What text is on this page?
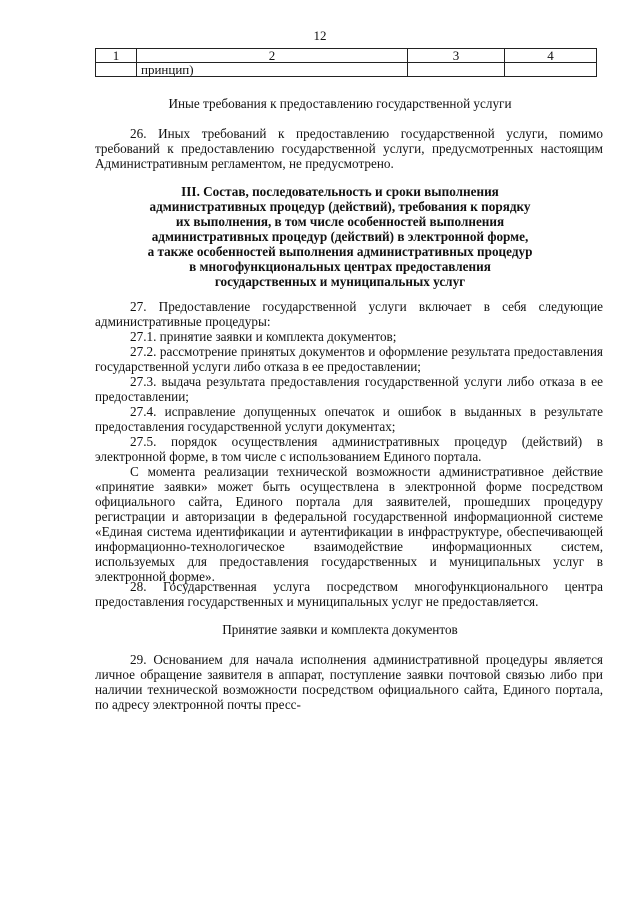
12
1	2	3	4
	принцип)		
Иные требования к предоставлению государственной услуги
26. Иных требований к предоставлению государственной услуги, помимо требований к предоставлению государственной услуги, предусмотренных настоящим Административным регламентом, не предусмотрено.
III. Состав, последовательность и сроки выполнения
административных процедур (действий), требования к порядку
их выполнения, в том числе особенностей выполнения
административных процедур (действий) в электронной форме,
а также особенностей выполнения административных процедур
в многофункциональных центрах предоставления
государственных и муниципальных услуг
27. Предоставление государственной услуги включает в себя следующие административные процедуры:
27.1. принятие заявки и комплекта документов;
27.2. рассмотрение принятых документов и оформление результата предоставления государственной услуги либо отказа в ее предоставлении;
27.3. выдача результата предоставления государственной услуги либо отказа в ее предоставлении;
27.4. исправление допущенных опечаток и ошибок в выданных в результате предоставления государственной услуги документах;
27.5. порядок осуществления административных процедур (действий) в электронной форме, в том числе с использованием Единого портала.
С момента реализации технической возможности административное действие «принятие заявки» может быть осуществлена в электронной форме посредством официального сайта, Единого портала для заявителей, прошедших процедуру регистрации и авторизации в федеральной государственной информационной системе «Единая система идентификации и аутентификации в инфраструктуре, обеспечивающей информационно-технологическое взаимодействие информационных систем, используемых для предоставления государственных и муниципальных услуг в электронной форме».
28. Государственная услуга посредством многофункционального центра предоставления государственных и муниципальных услуг не предоставляется.
Принятие заявки и комплекта документов
29. Основанием для начала исполнения административной процедуры является личное обращение заявителя в аппарат, поступление заявки почтовой связью либо при наличии технической возможности посредством официального сайта, Единого портала, по адресу электронной почты пресс-
